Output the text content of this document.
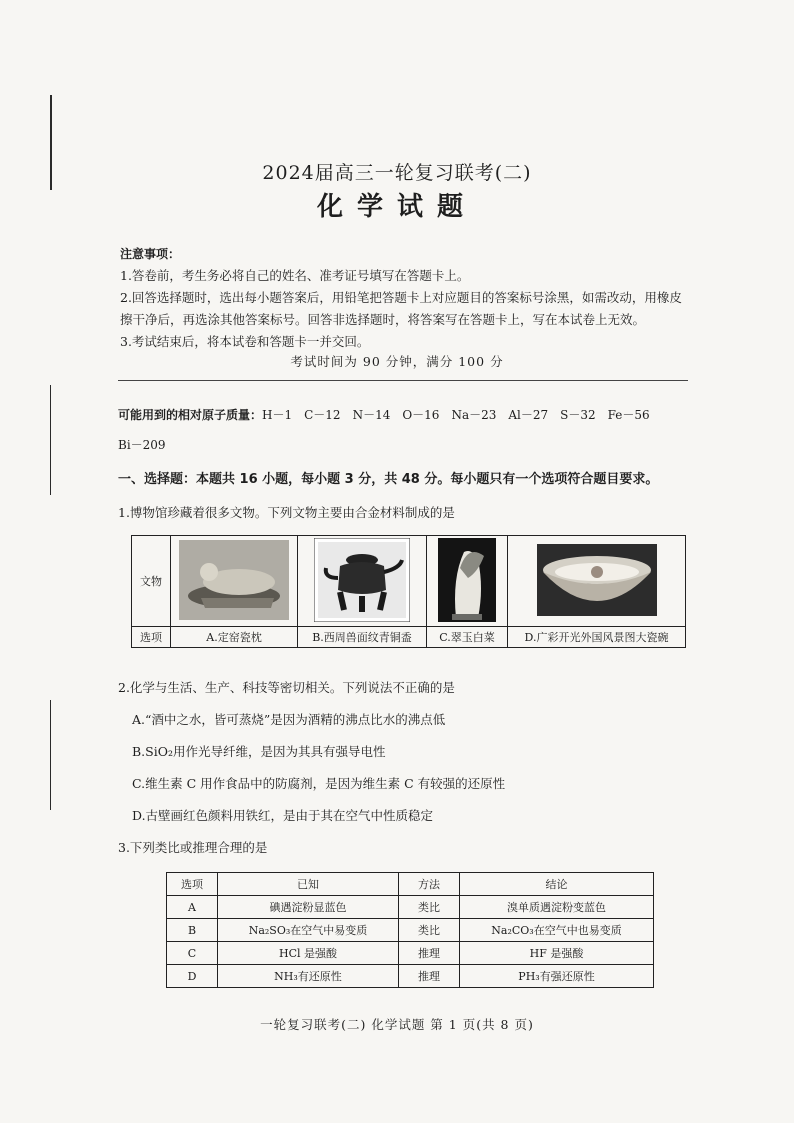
2024届高三一轮复习联考(二)
化学试题
注意事项：
1.答卷前，考生务必将自己的姓名、准考证号填写在答题卡上。
2.回答选择题时，选出每小题答案后，用铅笔把答题卡上对应题目的答案标号涂黑，如需改动，用橡皮
擦干净后，再选涂其他答案标号。回答非选择题时，将答案写在答题卡上，写在本试卷上无效。
3.考试结束后，将本试卷和答题卡一并交回。
考试时间为 90 分钟，满分 100 分
可能用到的相对原子质量：H－1　C－12　N－14　O－16　Na－23　Al－27　S－32　Fe－56
Bi－209
一、选择题：本题共 16 小题，每小题 3 分，共 48 分。每小题只有一个选项符合题目要求。
1.博物馆珍藏着很多文物。下列文物主要由合金材料制成的是
文物				
选项	A.定窑瓷枕	B.西周兽面纹青铜盉	C.翠玉白菜	D.广彩开光外国风景图大瓷碗
2.化学与生活、生产、科技等密切相关。下列说法不正确的是
A.“酒中之水，皆可蒸烧”是因为酒精的沸点比水的沸点低
B.SiO₂用作光导纤维，是因为其具有强导电性
C.维生素 C 用作食品中的防腐剂，是因为维生素 C 有较强的还原性
D.古壁画红色颜料用铁红，是由于其在空气中性质稳定
3.下列类比或推理合理的是
选项	已知	方法	结论
A	碘遇淀粉显蓝色	类比	溴单质遇淀粉变蓝色
B	Na₂SO₃在空气中易变质	类比	Na₂CO₃在空气中也易变质
C	HCl 是强酸	推理	HF 是强酸
D	NH₃有还原性	推理	PH₃有强还原性
一轮复习联考(二) 化学试题 第 1 页(共 8 页)
